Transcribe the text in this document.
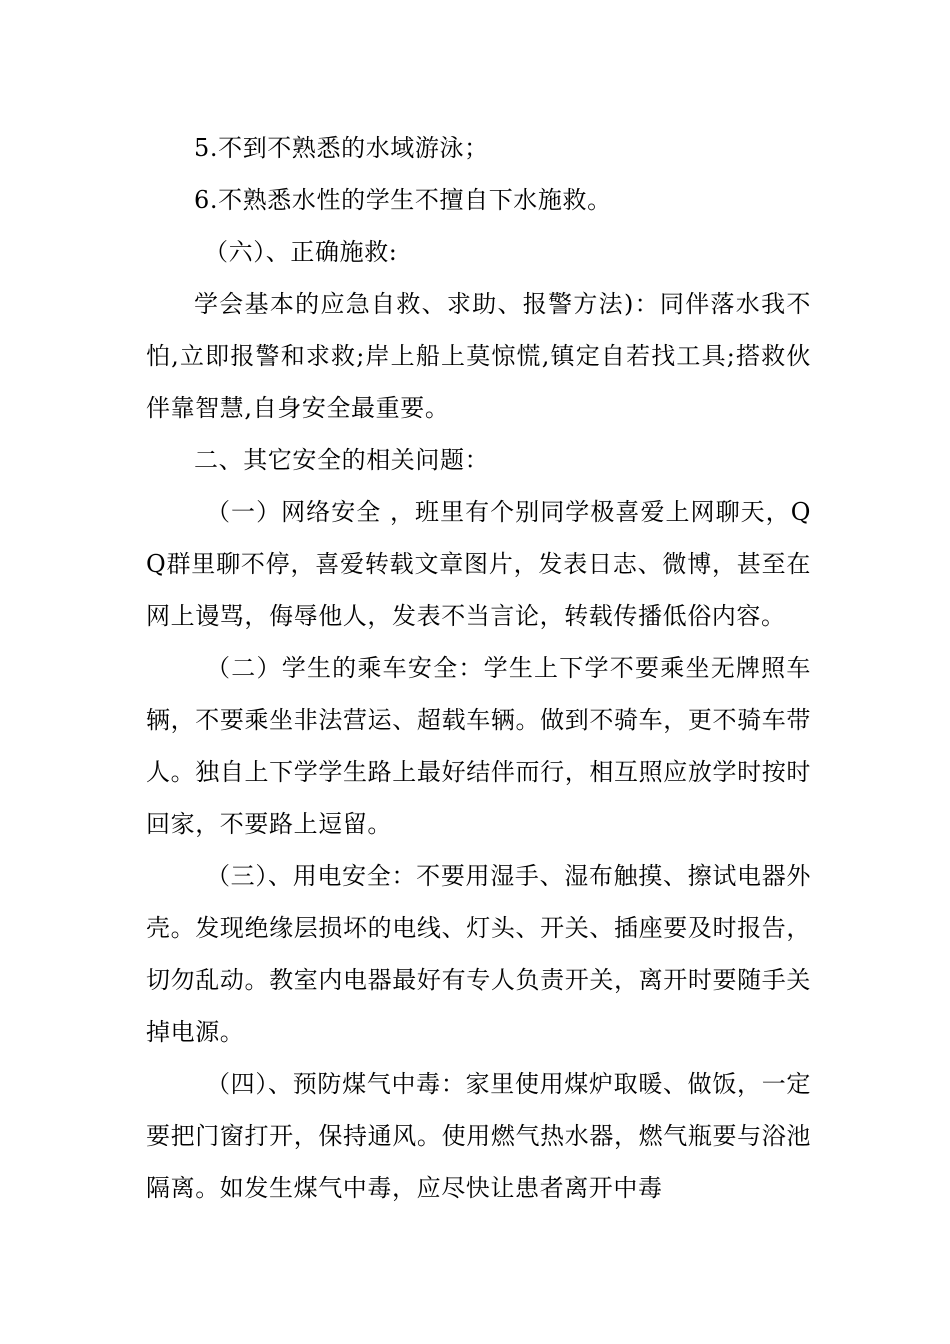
5.不到不熟悉的水域游泳；

6.不熟悉水性的学生不擅自下水施救。

（六）、正确施救:

学会基本的应急自救、求助、报警方法)：同伴落水我不怕,立即报警和求救;岸上船上莫惊慌,镇定自若找工具;搭救伙伴靠智慧,自身安全最重要。

二、其它安全的相关问题：

（一）网络安全 ，班里有个别同学极喜爱上网聊天，QQ群里聊不停，喜爱转载文章图片，发表日志、微博，甚至在网上谩骂，侮辱他人，发表不当言论，转载传播低俗内容。

（二）学生的乘车安全：学生上下学不要乘坐无牌照车辆，不要乘坐非法营运、超载车辆。做到不骑车，更不骑车带人。独自上下学学生路上最好结伴而行，相互照应放学时按时回家，不要路上逗留。

（三）、用电安全：不要用湿手、湿布触摸、擦试电器外壳。发现绝缘层损坏的电线、灯头、开关、插座要及时报告，切勿乱动。教室内电器最好有专人负责开关，离开时要随手关掉电源。

（四）、预防煤气中毒：家里使用煤炉取暖、做饭，一定要把门窗打开，保持通风。使用燃气热水器，燃气瓶要与浴池隔离。如发生煤气中毒，应尽快让患者离开中毒
